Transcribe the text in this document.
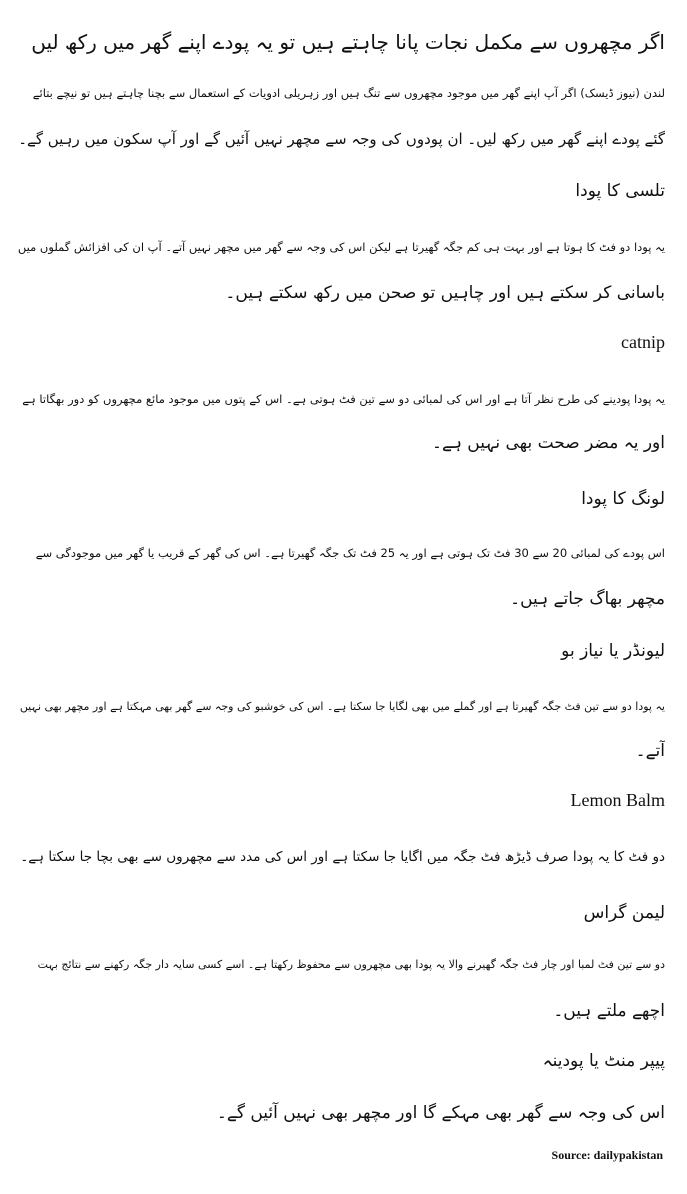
اگر مچھروں سے مکمل نجات پانا چاہتے ہیں تو یہ پودے اپنے گھر میں رکھ لیں
لندن (نیوز ڈیسک) اگر آپ اپنے گھر میں موجود مچھروں سے تنگ ہیں اور زہریلی ادویات کے استعمال سے بچنا چاہتے ہیں تو نیچے بتائے
گئے پودے اپنے گھر میں رکھ لیں۔ ان پودوں کی وجہ سے مچھر نہیں آئیں گے اور آپ سکون میں رہیں گے۔
تلسی کا پودا
یہ پودا دو فٹ کا ہوتا ہے اور بہت ہی کم جگہ گھیرتا ہے لیکن اس کی وجہ سے گھر میں مچھر نہیں آتے۔ آپ ان کی افزائش گملوں میں
باسانی کر سکتے ہیں اور چاہیں تو صحن میں رکھ سکتے ہیں۔
catnip
یہ پودا پودینے کی طرح نظر آتا ہے اور اس کی لمبائی دو سے تین فٹ ہوتی ہے۔ اس کے پتوں میں موجود مائع مچھروں کو دور بھگاتا ہے
اور یہ مضر صحت بھی نہیں ہے۔
لونگ کا پودا
اس پودے کی لمبائی 20 سے 30 فٹ تک ہوتی ہے اور یہ 25 فٹ تک جگہ گھیرتا ہے۔ اس کی گھر کے قریب یا گھر میں موجودگی سے
مچھر بھاگ جاتے ہیں۔
لیونڈر یا نیاز بو
یہ پودا دو سے تین فٹ جگہ گھیرتا ہے اور گملے میں بھی لگایا جا سکتا ہے۔ اس کی خوشبو کی وجہ سے گھر بھی مہکتا ہے اور مچھر بھی نہیں
آتے۔
Lemon Balm
دو فٹ کا یہ پودا صرف ڈیڑھ فٹ جگہ میں اگایا جا سکتا ہے اور اس کی مدد سے مچھروں سے بھی بچا جا سکتا ہے۔
لیمن گراس
دو سے تین فٹ لمبا اور چار فٹ جگہ گھیرنے والا یہ پودا بھی مچھروں سے محفوظ رکھتا ہے۔ اسے کسی سایہ دار جگہ رکھنے سے نتائج بہت
اچھے ملتے ہیں۔
پیپر منٹ یا پودینہ
اس کی وجہ سے گھر بھی مہکے گا اور مچھر بھی نہیں آئیں گے۔
Source: dailypakistan
